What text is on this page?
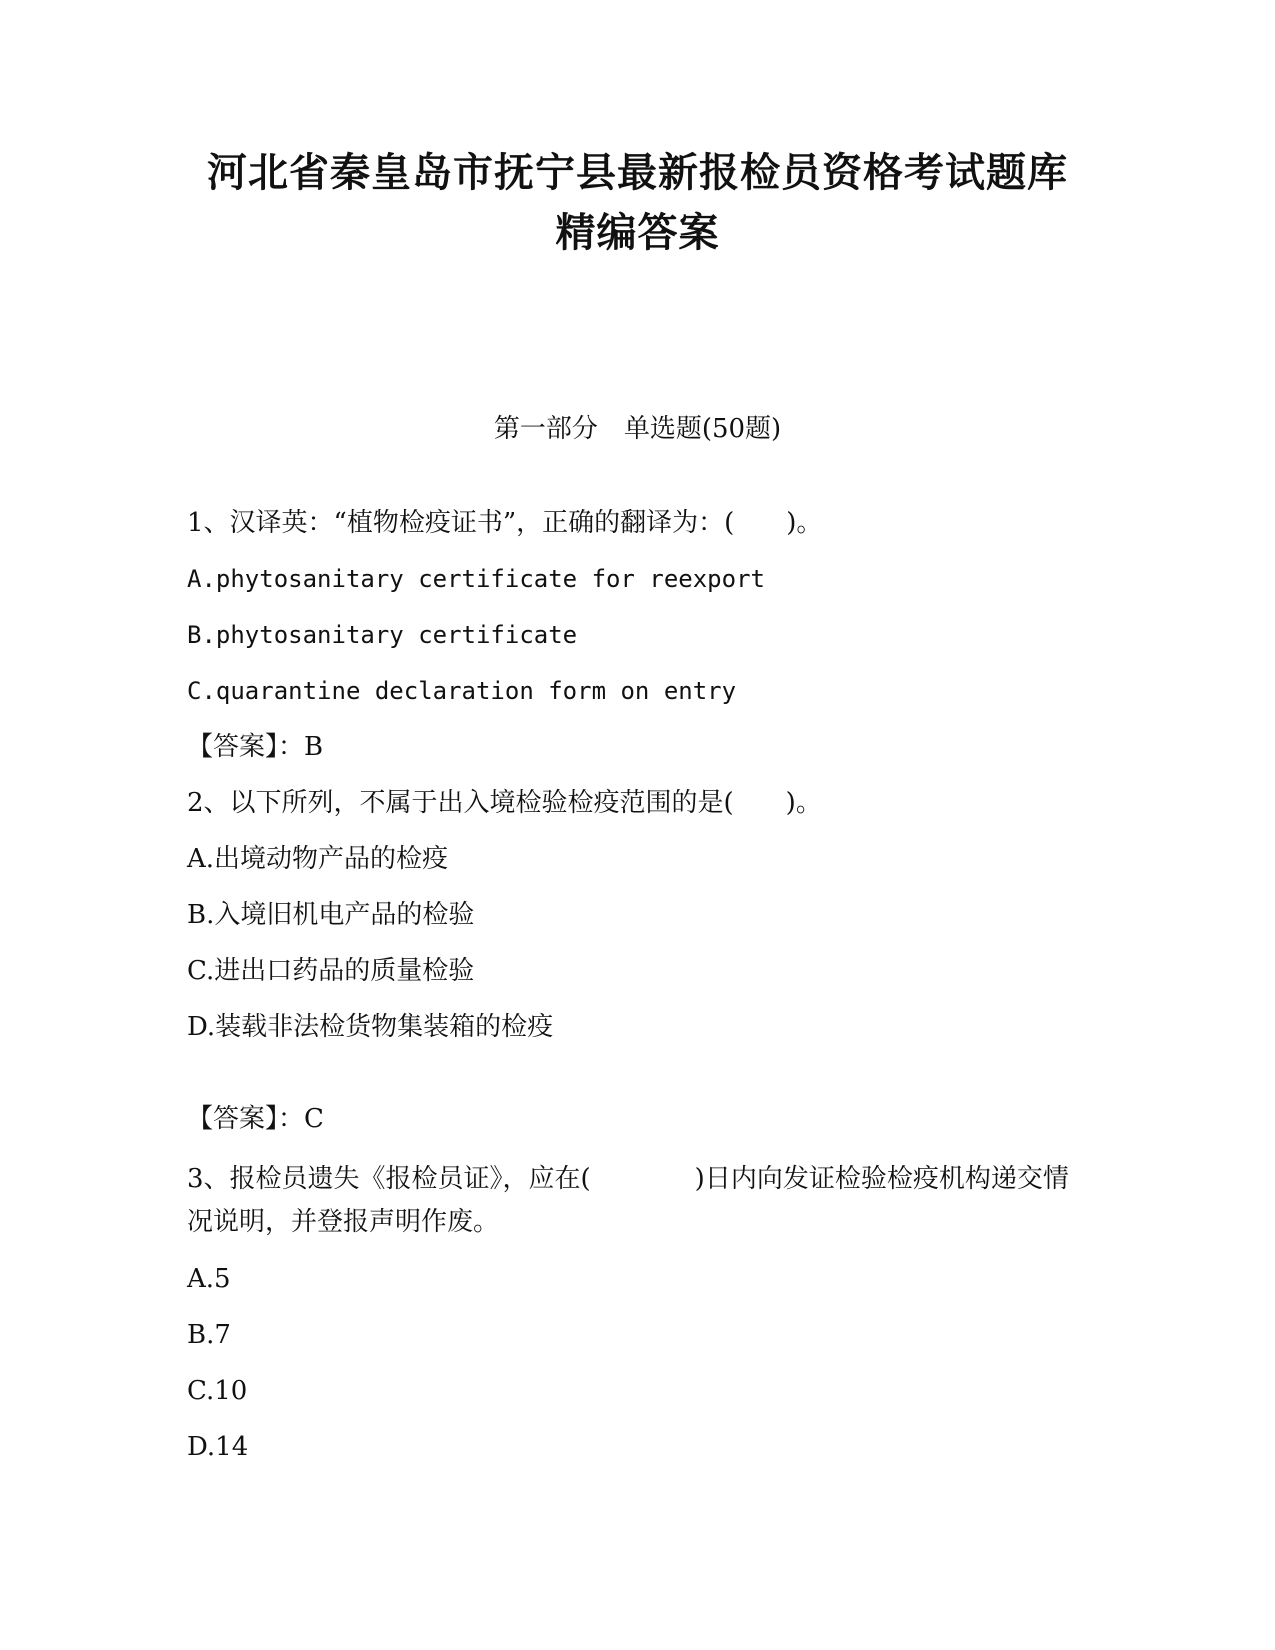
河北省秦皇岛市抚宁县最新报检员资格考试题库
精编答案

第一部分　单选题(50题)

1、汉译英：“植物检疫证书”，正确的翻译为：(　　)。

A.phytosanitary certificate for reexport

B.phytosanitary certificate

C.quarantine declaration form on entry

【答案】：B

2、以下所列，不属于出入境检验检疫范围的是(　　)。

A.出境动物产品的检疫

B.入境旧机电产品的检验

C.进出口药品的质量检验

D.装载非法检货物集装箱的检疫

【答案】：C

3、报检员遗失《报检员证》，应在(　　　　)日内向发证检验检疫机构递交情况说明，并登报声明作废。

A.5

B.7

C.10

D.14
